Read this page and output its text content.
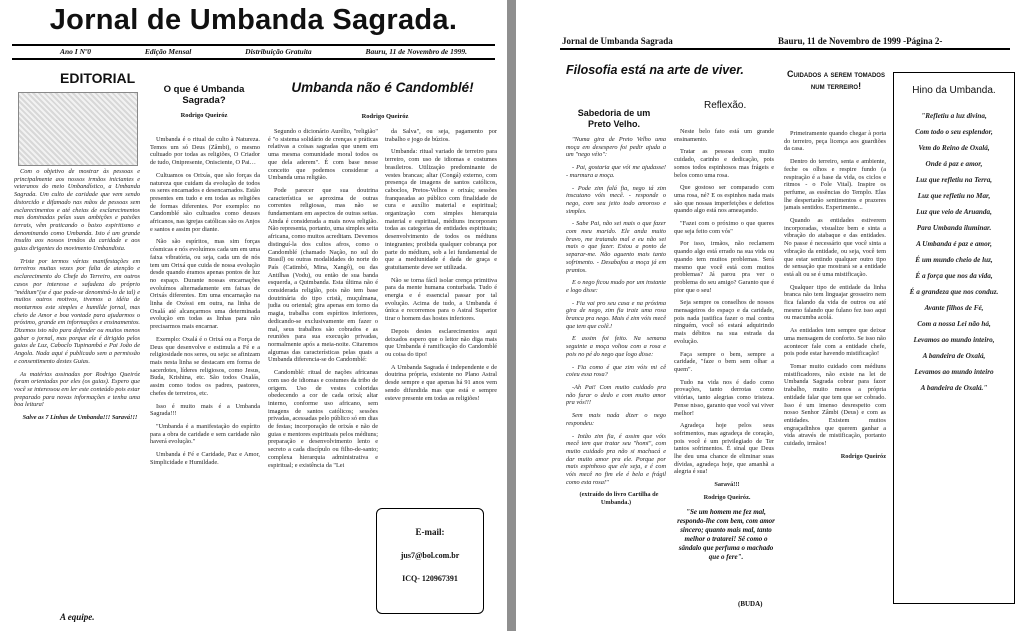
Jornal de Umbanda Sagrada.
Ano I Nº0	Edição Mensal	Distribuição Gratuita	Bauru, 11 de Novembro de 1999.
EDITORIAL

Com o objetivo de mostrar às pessoas e principalmente aos nossos irmãos iniciantes e veteranos do meio Umbandístico, a Umbanda Sagrada. Um culto de caridade que vem sendo distorcido e difamado nas mãos de pessoas sem esclarecimentos e até cheias de esclarecimentos mas dominadas pelas suas ambições e paixões terrais, vêm praticando o baixo espiritismo e denominando como Umbanda. Isto é um grande insulto aos nossos irmãos da caridade e aos guias dirigentes do movimento Umbandista.

Triste por termos várias manifestações em terreiros muitas vezes por falta de atenção e esclarecimento do Chefe do Terreiro, em outros casos por interesse e safadeza do próprio "médium"(se é que pode-se denominá-lo de tal) e muitos outros motivos, tivemos a idéia de montarmos este simples e humilde jornal, mas cheio de Amor e boa vontade para ajudarmos o próximo, grande em informações e ensinamentos. Dizemos isto não para defender ou muitos menos gabar o jornal, mas porque ele é dirigido pelos guias de Luz, Caboclo Tupinambá e Pai João de Angola. Nada aqui é publicado sem a permissão e consentimento destes Guias.

As matérias assinadas por Rodrigo Queiróz foram orientadas por eles (os guias). Espero que você se interessou em ler este conteúdo pois estar preparado para novas informações e tenha uma boa leitura!

Salve as 7 Linhas de Umbanda!!! Saravá!!!

A equipe.
O que é Umbanda Sagrada?
Rodrigo Queiróz

Umbanda é o ritual de culto à Natureza. Temos um só Deus (Zâmbi), o mesmo cultuado por todas as religiões, O Criador de tudo, Onipresente, Onisciente, O Pai…

Cultuamos os Orixás, que são forças da natureza que cuidam da evolução de todos os seres encarnados e desencarnados. Estão presentes em tudo e em todas as religiões de formas diferentes. Por exemplo: no Candomblé são cultuados como deuses africanos, nas igrejas católicas são os Anjos e santos e assim por diante.

Não são espíritos, mas sim forças cósmicas e nós evoluímos cada um em uma faixa vibratória, ou seja, cada um de nós tem um Orixá que cuida de nossa evolução desde quando éramos apenas pontos de luz no espaço. Durante nossas encarnações evoluímos alternadamente em faixas de Orixás diferentes. Em uma encarnação na linha de Oxóssi em outra, na linha de Oxalá até alcançarmos uma determinada evolução em todas as linhas para não precisarmos mais encarnar.

Exemplo: Oxalá é o Orixá ou a Força de Deus que desenvolve e estimula a Fé e a religiosidade nos seres, ou seja: se afinizam mais nesta linha se destacam em forma de sacerdotes, líderes religiosos, como Jesus, Buda, Krishina, etc. São todos Oxalás, assim como todos os padres, pastores, chefes de terreiros, etc.

Isso é muito mais é a Umbanda Sagrada!!!

"Umbanda é a manifestação do espírito para a obra de caridade e sem caridade não haverá evolução."

Umbanda é Fé e Caridade, Paz e Amor, Simplicidade e Humildade.

Umbanda não é Candomblé!
Rodrigo Queiróz

Segundo o dicionário Aurélio, "religião" é "o sistema solidário de crenças e práticas relativas a coisas sagradas que unem em uma mesma comunidade moral todos os que dela aderem". É com base nesse conceito que podemos considerar a Umbanda uma religião.

Pode parecer que sua doutrina característica se aproxima de outras correntes religiosas, mas não se fundamentam em aspectos de outras seitas. Ainda é considerada a mais nova religião. Não representa, portanto, uma simples seita africana, como muitos acreditam. Devemos distinguí-la dos cultos afros, como o Candomblé (chamado Nação, no sul do Brasil) ou outras modalidades do norte do País (Catimbó, Mina, Xangô), ou das Antilhas (Vodu), ou então de sua banda esquerda, a Quimbanda. Esta última não é considerada religião, pois não tem base doutrinária do tipo cristã, muçulmana, judia ou oriental; gira apenas em torno da magia, trabalha com espíritos inferiores, dedicando-se exclusivamente em fazer o mal, seus trabalhos são cobrados e as reuniões para sua execução privadas, normalmente após a meia-noite. Citaremos algumas das características pelas quais a Umbanda diferencia-se do Candomblé:

Candomblé: ritual de nações africanas com uso de idiomas e costumes da tribo de origem. Uso de vestes coloridas obedecendo a cor de cada orixá; altar interno, conforme uso africano, sem imagens de santos católicos; sessões privadas, acessadas pelo público só em dias de festas; incorporação de orixás e não de guias e mentores espirituais pelos médiuns; preparação e desenvolvimento lento e secreto a cada discípulo ou filho-de-santo; complexa hierarquia administrativa e espiritual; e existência da "Lei

da Salva", ou seja, pagamento por trabalho e jogo de búzios.

Umbanda: ritual variado de terreiro para terreiro, com uso de idiomas e costumes brasileiros. Utilização predominante de vestes brancas; altar (Congá) externo, com presença de imagens de santos católicos, caboclos, Pretos-Velhos e orixás; sessões franqueadas ao público com finalidade de cura e auxílio material e espiritual; organização com simples hierarquia material e espiritual, médiuns incorporam todas as categorias de entidades espirituais; desenvolvimento de todos os médiuns integrantes; proibida qualquer cobrança por parte do médium, sob a lei fundamental de que a mediunidade é dada de graça e gratuitamente deve ser utilizada.

Não se torna fácil isolar crença primitiva para da mente humana conturbada. Tudo é energia e é essencial passar por tal evolução. Acima de tudo, a Umbanda é única e recorremos para o Astral Superior tirar o homem das hostes inferiores.

Depois destes esclarecimentos aqui deixados espero que o leitor não diga mais que Umbanda é ramificação do Candomblé ou coisa do tipo!

A Umbanda Sagrada é independente e de doutrina própria, existente no Plano Astral desde sempre e que apenas há 91 anos vem sendo difundida mas que está e sempre esteve presente em todas as religiões!

E-mail:
jus7@bol.com.br
ICQ- 120967391
Jornal de Umbanda Sagrada	Bauru, 11 de Novembro de 1999 -Página 2-
Filosofia está na arte de viver.
Sabedoria de um Preto Velho.
Reflexão.

"Numa gira de Preto Velho uma moça em desespero foi pedir ajuda a um "nego véio":

- Pai, gostaria que vói me ajudasse! - murmura a moça.

- Pode zim falá fia, nego tá zim inscutano vóis mecê. - responde o nego, com seu jeito todo amoroso e simples.

- Sabe Pai, não sei mais o que fazer com meu marido. Ele anda muito bravo, me tratando mal e eu não sei mais o que fazer. Estou a ponto de separar-me. Não aguento mais tanto sofrimento. - Desabafou a moça já em prantos.

E o nego ficou mudo por um instante e logo disse:

- Fia vai pro seu casa e na próxima gira de nego, zim fia traiz uma rosa branca pra nego. Mais é zim vóis mecê que tem que colê.!

E assim foi feito. Na semana seguinte a moça voltou com a rosa e pois no pé do nego que logo disse:

- Fia como é que zim vóis mi cê coieu essa rosa?

-Ah Pai! Com muito cuidado pra não furar o dedo e com muito amor pra vós!!!

Sem mais nada dizer o nego respondeu:

- Intão zim fia, é assim que vóis mecê tem que tratar seu "homi", com muito cuidado pra não si machucá e dar muito amor pra ele. Porque por mais espinhoso que ele seja, e é com vóis mecê no fim ele é bela e frágil como esta rosa!"

(extraído do livro Cartilha de Umbanda.)

Neste belo fato está um grande ensinamento.

Tratar as pessoas com muito cuidado, carinho e dedicação, pois somos todos espinhosos mas frágeis e belos como uma rosa.

Que gostoso ser comparado com uma rosa, né? E os espinhos nada mais são que nossas imperfeições e defeitos quando algo está nos ameaçando.

"Fazei com o próximo o que queres que seja feito com vós"

Por isso, irmãos, não reclamem quando algo está errado na sua vida ou quando tem muitos problemas. Será mesmo que você está com muitos problemas? Já parou pra ver o problema do seu amigo? Garanto que é pior que o seu!

Seja sempre os conselhos de nossos mensageiros do espaço e da caridade, pois nada justifica fazer o mal contra ninguém, você só estará adquirindo mais débitos na sua estrada da evolução.

Faça sempre o bem, sempre a caridade, "faze o bem sem olhar a quem".

Tudo na vida nos é dado como provações, tanto derrotas como vitórias, tanto alegrias como tristeza. Pense nisso, garanto que você vai viver melhor!

Agradeça hoje pelos seus sofrimentos, mas agradeça de coração, pois você é um privilegiado de Ter tantos sofrimentos. É sinal que Deus lhe deu uma chance de eliminar suas dívidas, agradeça hoje, que amanhã a alegria é sua!

Saravá!!!

Rodrigo Queiróz.

"Se um homem me fez mal, respondo-lhe com bem, com amor sincero; quanto mais mal, tanto melhor o tratarei! Sê como o sândalo que perfuma o machado que o fere".
(BUDA)
Cuidados a serem tomados num terreiro!

Primeiramente quando chegar à porta do terreiro, peça licença aos guardiões da casa.

Dentro do terreiro, senta e ambiente, feche os olhos e respire fundo (a respiração é a base da vida, os ciclos e ritmos - o Fole Vital). Inspire os perfume, as essências do Templo. Elas lhe despertarão sentimentos e prazeres jamais sentidos. Experimente...

Quando as entidades estiverem incorporadas, visualize bem e sinta a vibração do atabaque e das entidades. No passe é necessário que você sinta a vibração da entidade, ou seja, você tem que estar sentindo qualquer outro tipo de sensação que mostrará se a entidade está ali ou se é uma mistificação.

Qualquer tipo de entidade da linha branca não tem linguajar grosseiro nem fica falando da vida de outros ou até mesmo falando que fulano fez isso aqui ou macumba acolá.

As entidades tem sempre que deixar uma mensagem de conforto. Se isso não acontecer fale com a entidade chefe, pois pode estar havendo mistificação!

Tomar muito cuidado com médiuns mistificadores, não existe na lei de Umbanda Sagrada cobrar para fazer trabalho, muito menos a própria entidade falar que tem que ser cobrado. Isso é um imenso desrespeito com nosso Senhor Zâmbi (Deus) e com as entidades. Existem muitos engraçadinhos que querem ganhar a vida através de mistificação, portanto cuidado, irmãos!

Rodrigo Queiróz

Hino da Umbanda.

"Refletiu a luz divina,

Com todo o seu esplendor,

Vem do Reino de Oxalá,

Onde á paz e amor,

Luz que refletiu na Terra,

Luz que refletiu no Mar,

Luz que veio de Aruanda,

Para Umbanda iluminar.

A Umbanda é paz e amor,

É um mundo cheio de luz,

É a força que nos da vida,

É a grandeza que nos conduz.

Avante filhos de Fé,

Com a nossa Lei não há,

Levamos ao mundo inteiro,

A bandeira de Oxalá,

Levamos ao mundo inteiro

A bandeira de Oxalá."
